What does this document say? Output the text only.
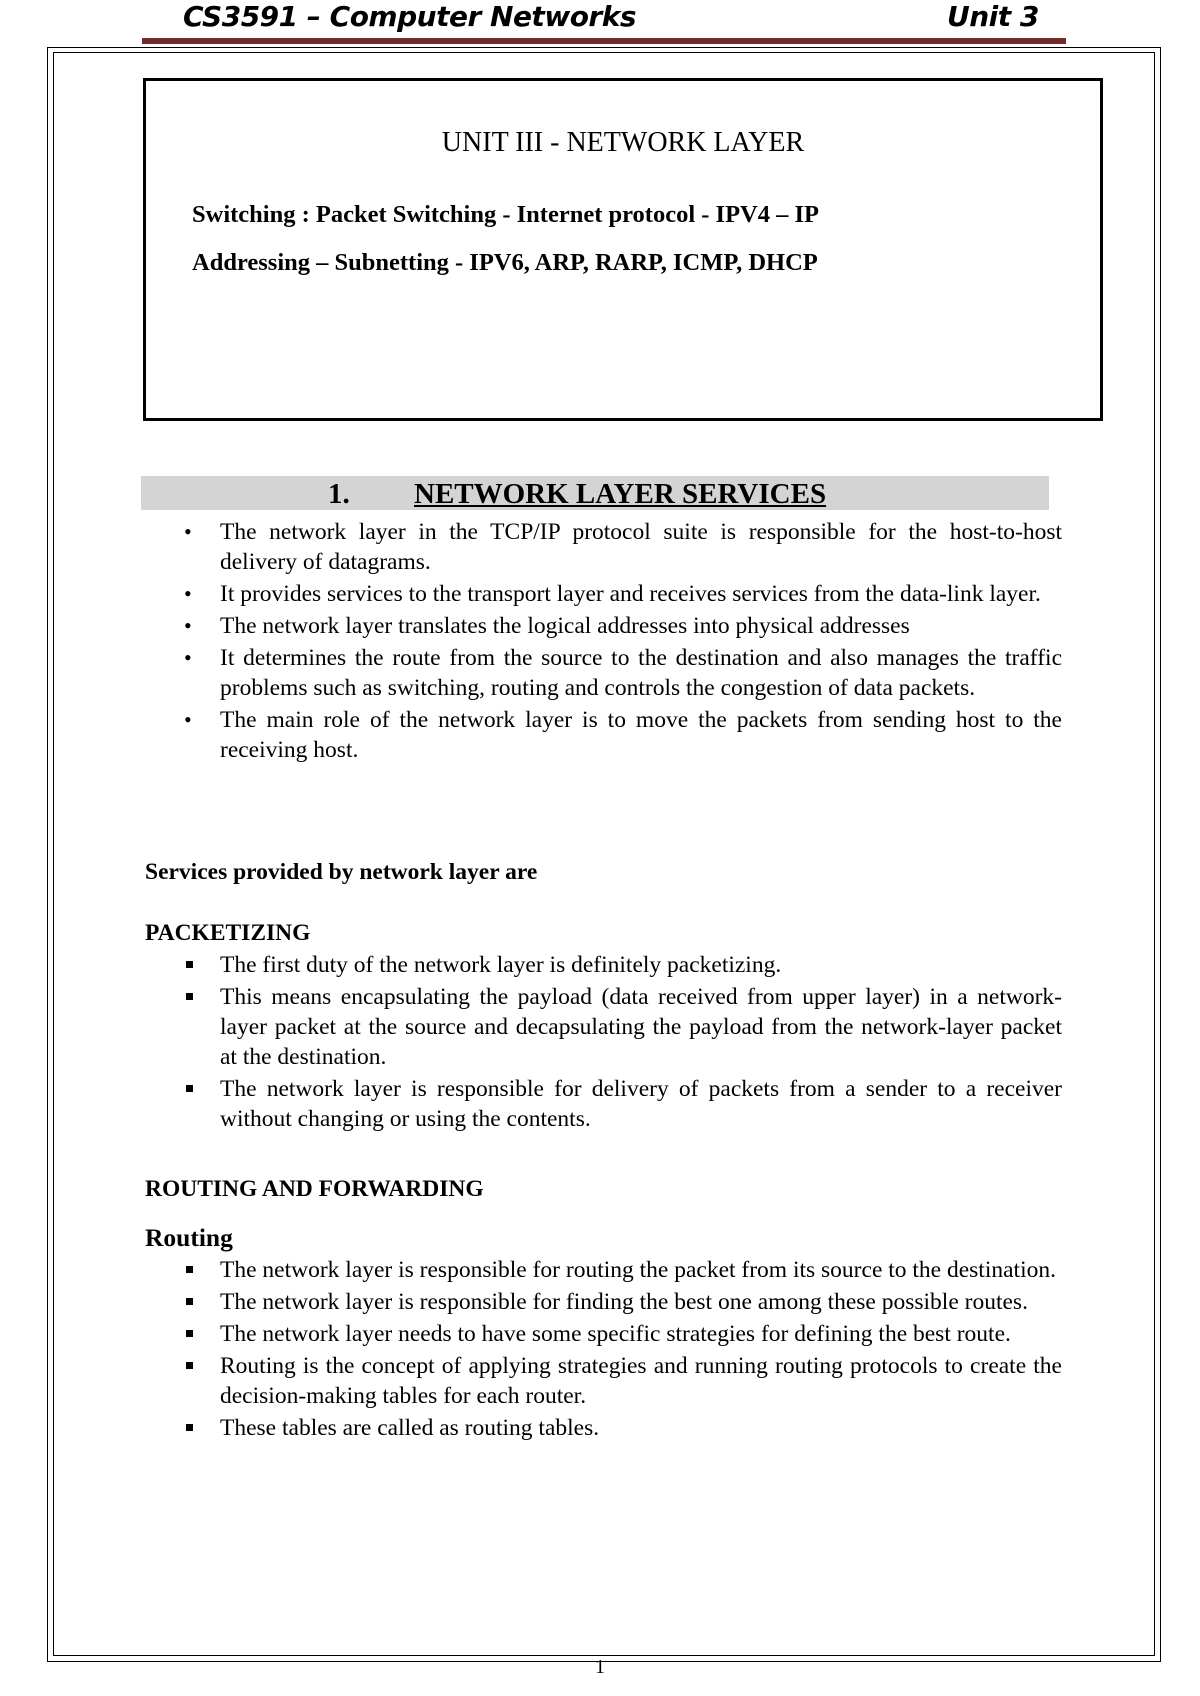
CS3591 – Computer Networks	Unit 3
UNIT III - NETWORK LAYER
Switching : Packet Switching - Internet protocol - IPV4 – IP
Addressing – Subnetting - IPV6, ARP, RARP, ICMP, DHCP
1. NETWORK LAYER SERVICES
• The network layer in the TCP/IP protocol suite is responsible for the host-to-host delivery of datagrams.
• It provides services to the transport layer and receives services from the data-link layer.
• The network layer translates the logical addresses into physical addresses
• It determines the route from the source to the destination and also manages the traffic problems such as switching, routing and controls the congestion of data packets.
• The main role of the network layer is to move the packets from sending host to the receiving host.
Services provided by network layer are
PACKETIZING
The first duty of the network layer is definitely packetizing.
This means encapsulating the payload (data received from upper layer) in a network-layer packet at the source and decapsulating the payload from the network-layer packet at the destination.
The network layer is responsible for delivery of packets from a sender to a receiver without changing or using the contents.
ROUTING AND FORWARDING
Routing
The network layer is responsible for routing the packet from its source to the destination.
The network layer is responsible for finding the best one among these possible routes.
The network layer needs to have some specific strategies for defining the best route.
Routing is the concept of applying strategies and running routing protocols to create the decision-making tables for each router.
These tables are called as routing tables.
1
